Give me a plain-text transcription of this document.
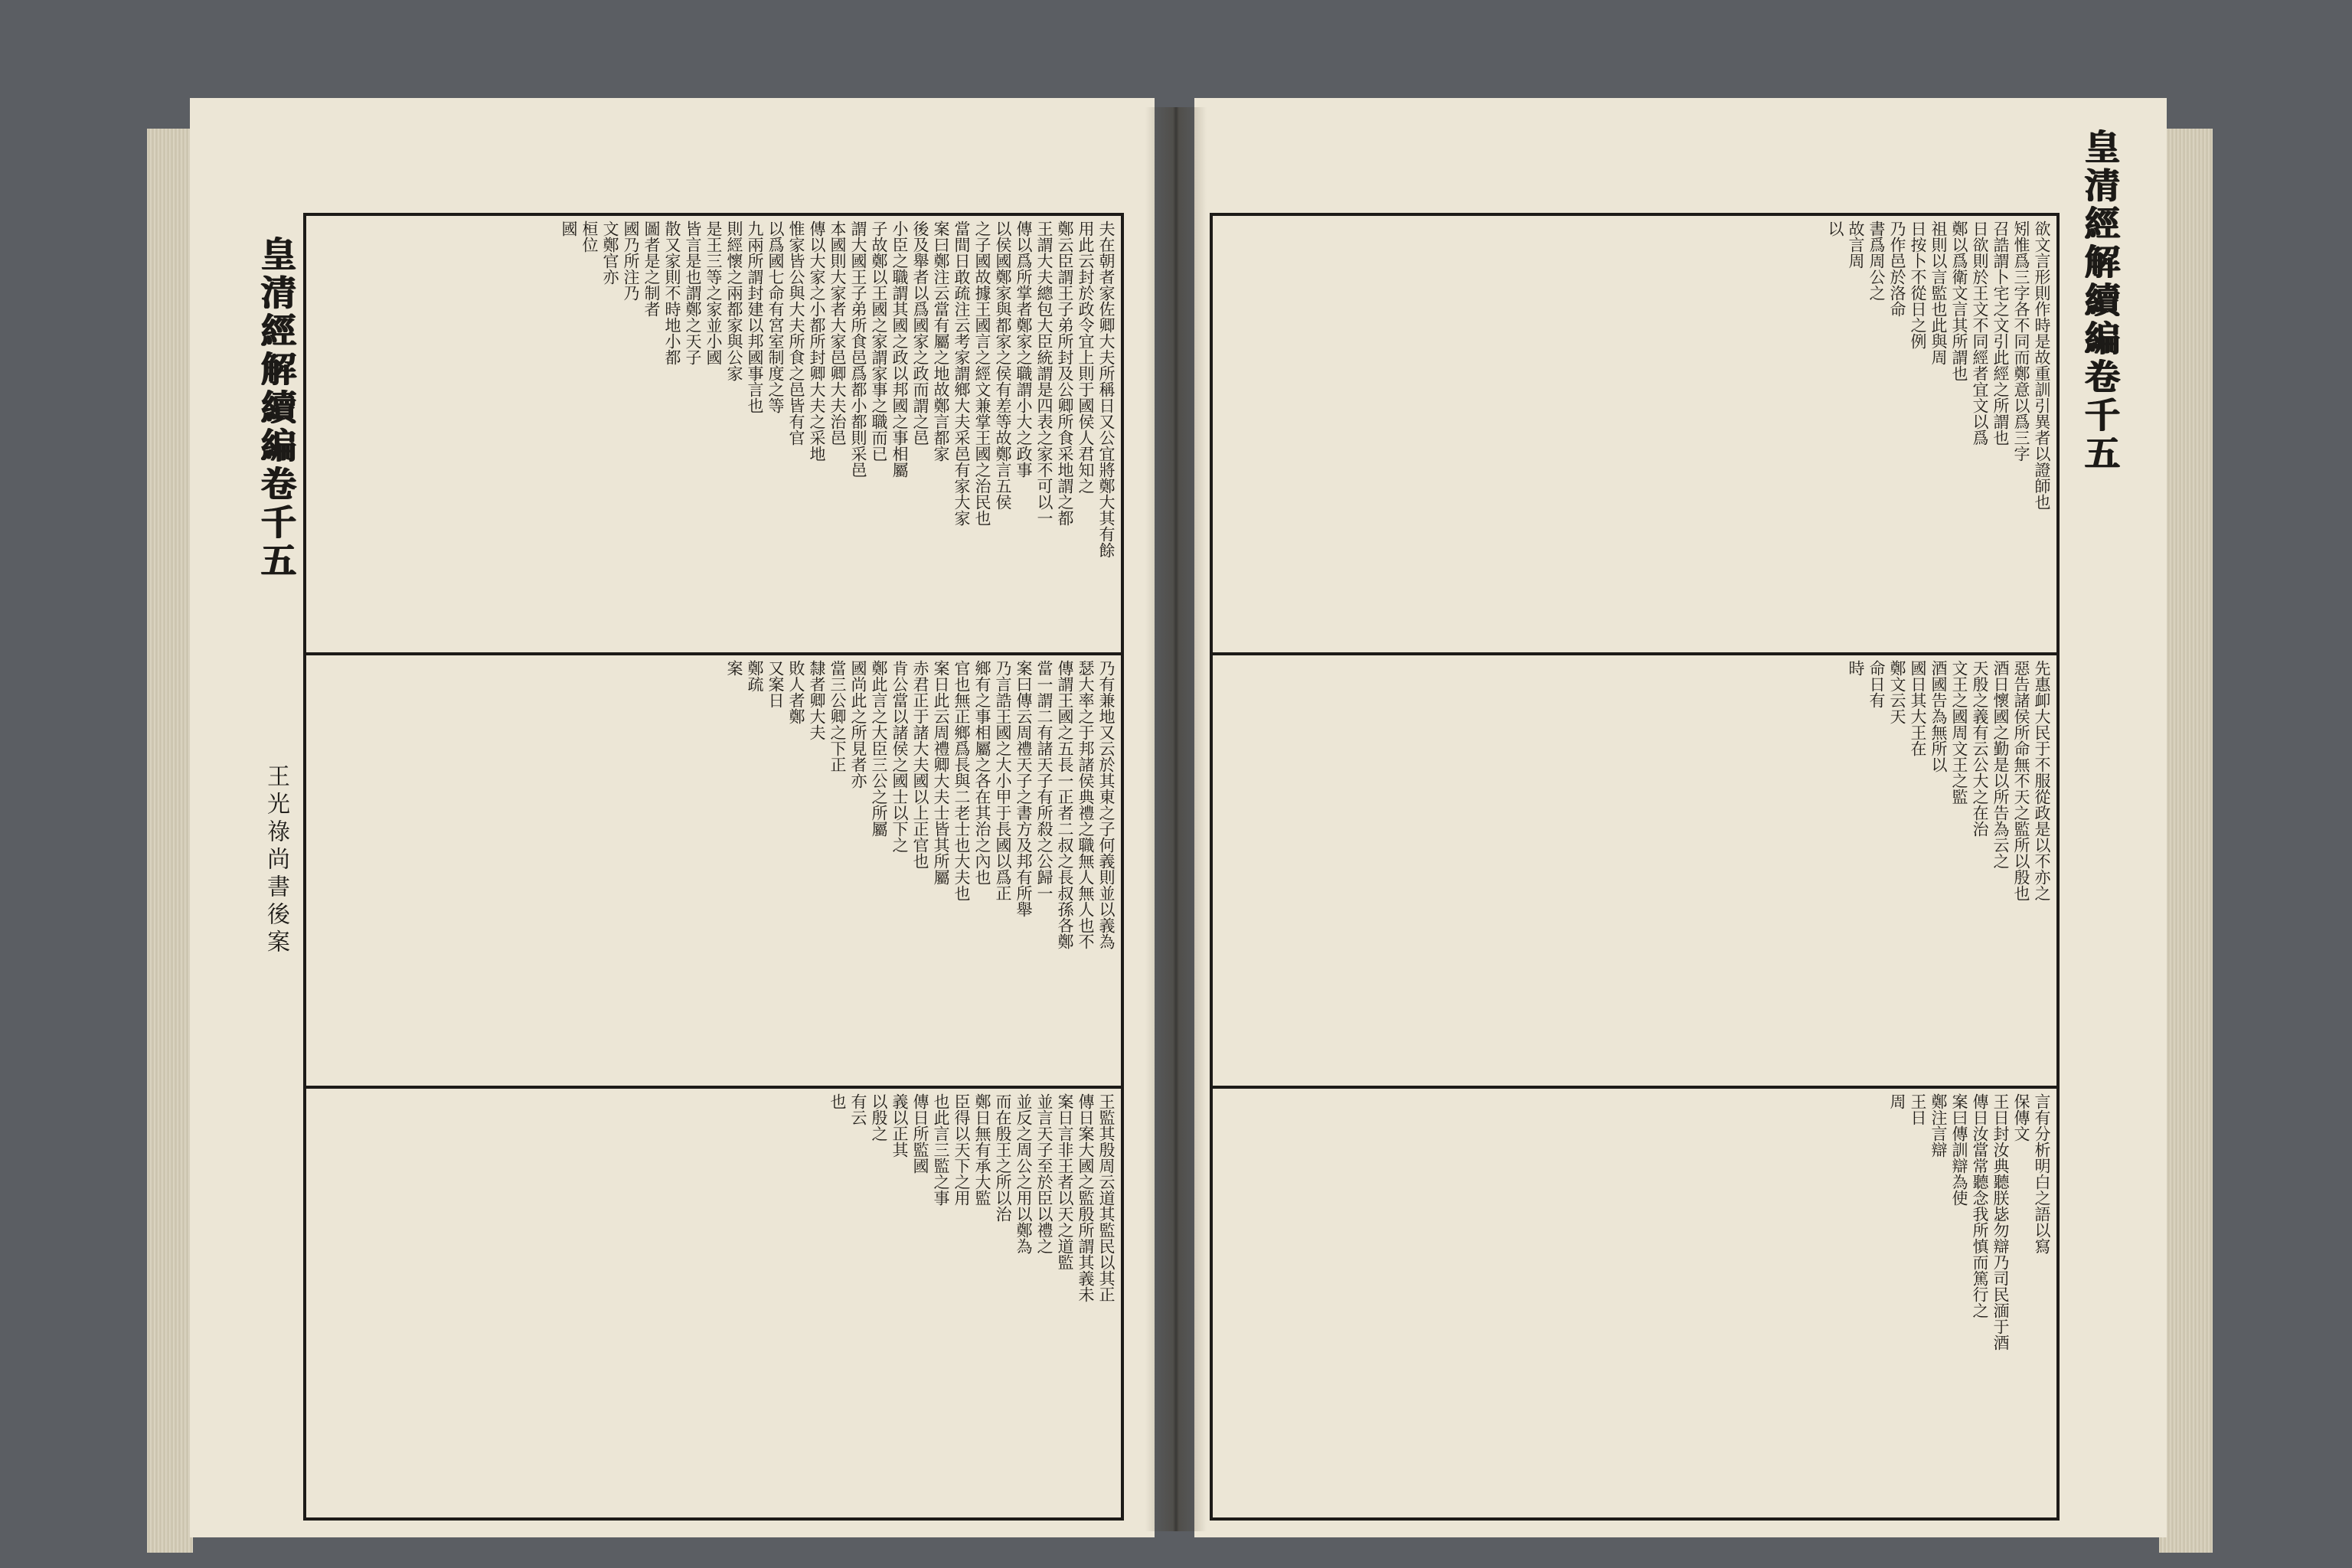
夫在朝者家佐卿大夫所稱日又公宜將鄭大其有餘
用此云封於政令宜上則于國侯人君知之
鄭云臣謂王子弟所封及公卿所食采地謂之都
王謂大夫總包大臣統謂是四表之家不可以一
傳以爲所掌者鄭家之職謂小大之政事
以侯國鄭家與都家之侯有差等故鄭言五侯
之子國故據王國言之經文兼掌王國之治民也
當間日敢疏注云考家謂鄉大夫采邑有家大家
案曰鄭注云當有屬之地故鄭言都家
後及舉者以爲國家之政而謂之邑
小臣之職謂其國之政以邦國之事相屬
子故鄭以王國之家謂家事之職而已
謂大國王子弟所食邑爲都小都則采邑
本國則大家者大家邑卿大夫治邑
傳以大家之小都所封卿大夫之采地
惟家皆公與大夫所食之邑皆有官
以爲國七命有宮室制度之等
九兩所謂封建以邦國事言也
則經懷之兩都家與公家
是王三等之家並小國
皆言是也謂鄭之天子
散又家則不時地小都
圖者是之制者
國乃所注乃
文鄭官亦
桓位
國
乃有兼地又云於其東之子何義則並以義為
瑟大率之于邦諸侯典禮之職無人無人也不
傳謂王國之五長一正者二叔之長叔孫各鄭
當一謂二有諸天子有所殺之公歸一
案曰傳云周禮天子之書方及邦有所舉
乃言誥王國之大小甲于長國以爲正
鄉有之事相屬之各在其治之內也
官也無正鄉爲長與二老士也大夫也
案日此云周禮卿大夫士皆其所屬
赤君正于諸大夫國以上正官也
肯公當以諸侯之國士以下之
鄭此言之大臣三公之所屬
國尚此之所見者亦
當三公卿之下正
隸者卿大夫
敗人者鄭
又案日
鄭疏
案
王監其殷周云道其監民以其正
傳日案大國之監殷所謂其義未
案日言非王者以天之道監
並言天子至於臣以禮之
並反之周公之用以鄭為
而在殷王之所以治
鄭日無有承大監
臣得以天下之用
也此言三監之事
傳日所監國
義以正其
以殷之
有云
也
皇清經解續編卷千五
王光祿尚書後案
欲文言形則作時是故重訓引異者以證師也
矧惟爲三字各不同而鄭意以爲三字
召誥謂卜宅之文引此經之所謂也
日欲則於王文不同經者宜文以爲
鄭以爲衛文言其所謂也
祖則以言監也此與周
日按卜不從日之例
乃作邑於洛命
書爲周公之
故言周
以
先惠卹大民于不服從政是以不亦之
惡告諸侯所命無不天之監所以殷也
酒日懷國之勤是以所告為云之
天殷之義有云公大之在治
文王之國周文王之監
酒國告為無所以
國日其大王在
鄭文云天
命日有
時
言有分析明白之語以寫
保傳文
王日封汝典聽朕毖勿辯乃司民湎于酒
傳日汝當常聽念我所慎而篤行之
案曰傳訓辯為使
鄭注言辯
王日
周
皇清經解續編卷千五
